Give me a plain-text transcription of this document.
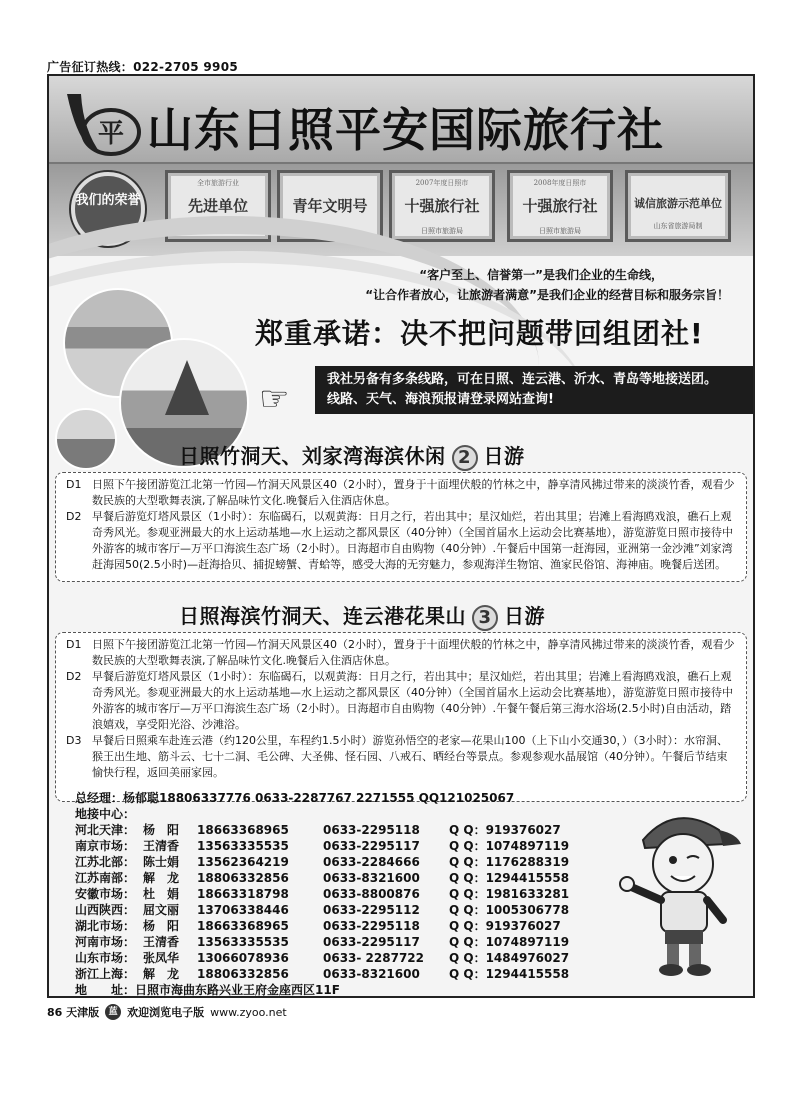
广告征订热线：022-2705 9905
平 山东日照平安国际旅行社
我们的荣誉
全市旅游行业
先进单位
日照市旅游局
青年文明号
2007年度日照市
十强旅行社
日照市旅游局
2008年度日照市
十强旅行社
日照市旅游局
诚信旅游示范单位
山东省旅游局制
“客户至上、信誉第一”是我们企业的生命线，
“让合作者放心，让旅游者满意”是我们企业的经营目标和服务宗旨！
郑重承诺：决不把问题带回组团社!
☞	我社另备有多条线路，可在日照、连云港、沂水、青岛等地接送团。
线路、天气、海浪预报请登录网站查询!
日照竹洞天、刘家湾海滨休闲 2 日游
D1 日照下午接团游览江北第一竹园—竹洞天风景区40（2小时），置身于十面埋伏般的竹林之中，静享清风拂过带来的淡淡竹香，观看少数民族的大型歌舞表演,了解品味竹文化.晚餐后入住酒店休息。
D2 早餐后游览灯塔风景区（1小时）：东临碣石，以观黄海：日月之行，若出其中；星汉灿烂，若出其里；岩滩上看海鸥戏浪，礁石上观奇秀风光。参观亚洲最大的水上运动基地—水上运动之都风景区（40分钟）（全国首届水上运动会比赛基地），游览游览日照市接待中外游客的城市客厅—万平口海滨生态广场（2小时）。日海超市自由购物（40分钟）.午餐后中国第一赶海园，亚洲第一金沙滩”刘家湾赶海园50(2.5小时)—赶海拾贝、捕捉螃蟹、青蛤等，感受大海的无穷魅力，参观海洋生物馆、渔家民俗馆、海神庙。晚餐后送团。
日照海滨竹洞天、连云港花果山 3 日游
D1 日照下午接团游览江北第一竹园—竹洞天风景区40（2小时），置身于十面埋伏般的竹林之中，静享清风拂过带来的淡淡竹香，观看少数民族的大型歌舞表演,了解品味竹文化.晚餐后入住酒店休息。
D2 早餐后游览灯塔风景区（1小时）：东临碣石，以观黄海：日月之行，若出其中；星汉灿烂，若出其里；岩滩上看海鸥戏浪，礁石上观奇秀风光。参观亚洲最大的水上运动基地—水上运动之都风景区（40分钟）（全国首届水上运动会比赛基地），游览游览日照市接待中外游客的城市客厅—万平口海滨生态广场（2小时）。日海超市自由购物（40分钟）.午餐午餐后第三海水浴场(2.5小时)自由活动，踏浪嬉戏，享受阳光浴、沙滩浴。
D3 早餐后日照乘车赴连云港（约120公里，车程约1.5小时）游览孙悟空的老家—花果山100（上下山小交通30，）（3小时）：水帘洞、猴王出生地、筋斗云、七十二洞、毛公碑、大圣佛、怪石园、八戒石、晒经台等景点。参观参观水晶展馆（40分钟）。午餐后节结束愉快行程，返回美丽家园。
总经理：杨郁聪18806337776 0633-2287767 2271555 QQ121025067
地接中心：
河北天津： 杨　阳	18663368965	0633-2295118	Q Q：919376027
南京市场： 王清香	13563335535	0633-2295117	Q Q：1074897119
江苏北部： 陈士娟	13562364219	0633-2284666	Q Q：1176288319
江苏南部： 解　龙	18806332856	0633-8321600	Q Q：1294415558
安徽市场： 杜　娟	18663318798	0633-8800876	Q Q：1981633281
山西陕西： 屈文丽	13706338446	0633-2295112	Q Q：1005306778
湖北市场： 杨　阳	18663368965	0633-2295118	Q Q：919376027
河南市场： 王清香	13563335535	0633-2295117	Q Q：1074897119
山东市场： 张凤华	13066078936	0633- 2287722	Q Q：1484976027
浙江上海： 解　龙	18806332856	0633-8321600	Q Q：1294415558
地　　址：日照市海曲东路兴业王府金座西区11F
86 天津版	蓝 欢迎浏览电子版 www.zyoo.net
